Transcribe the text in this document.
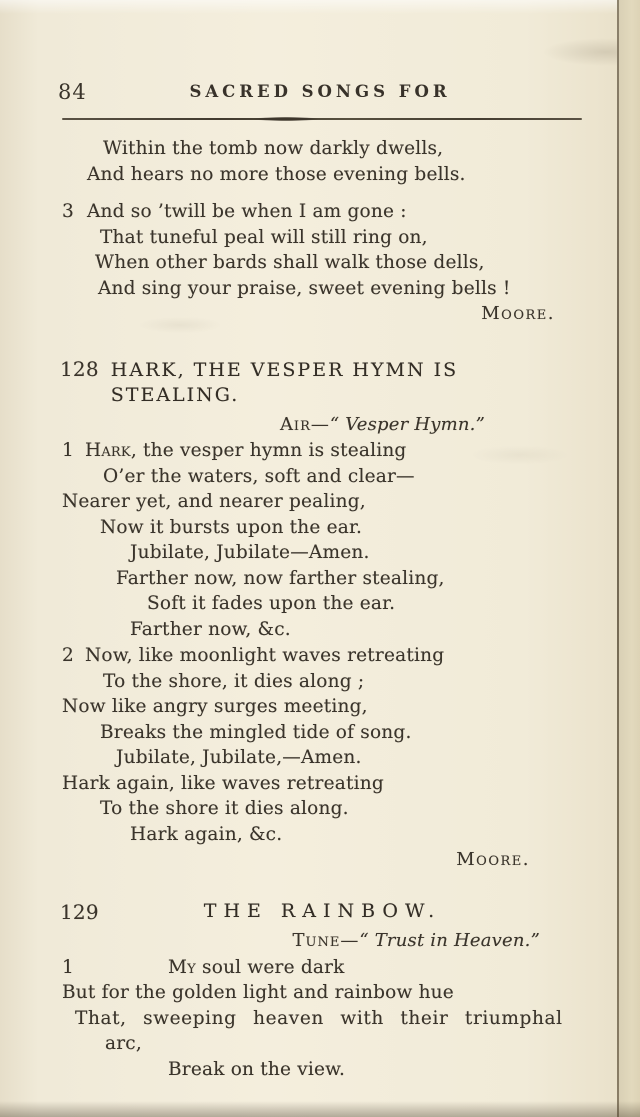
84	SACRED SONGS FOR
Within the tomb now darkly dwells,
And hears no more those evening bells.
3 And so ’twill be when I am gone :
That tuneful peal will still ring on,
When other bards shall walk those dells,
And sing your praise, sweet evening bells !
Moore.
128 HARK, THE VESPER HYMN IS STEALING.
Air—“ Vesper Hymn.”
1 Hark, the vesper hymn is stealing
O’er the waters, soft and clear—
Nearer yet, and nearer pealing,
Now it bursts upon the ear.
Jubilate, Jubilate—Amen.
Farther now, now farther stealing,
Soft it fades upon the ear.
Farther now, &c.
2 Now, like moonlight waves retreating
To the shore, it dies along ;
Now like angry surges meeting,
Breaks the mingled tide of song.
Jubilate, Jubilate,—Amen.
Hark again, like waves retreating
To the shore it dies along.
Hark again, &c.
Moore.
129	THE RAINBOW.
Tune—“ Trust in Heaven.”
1	My soul were dark
But for the golden light and rainbow hue
That, sweeping heaven with their triumphal
arc,
Break on the view.
